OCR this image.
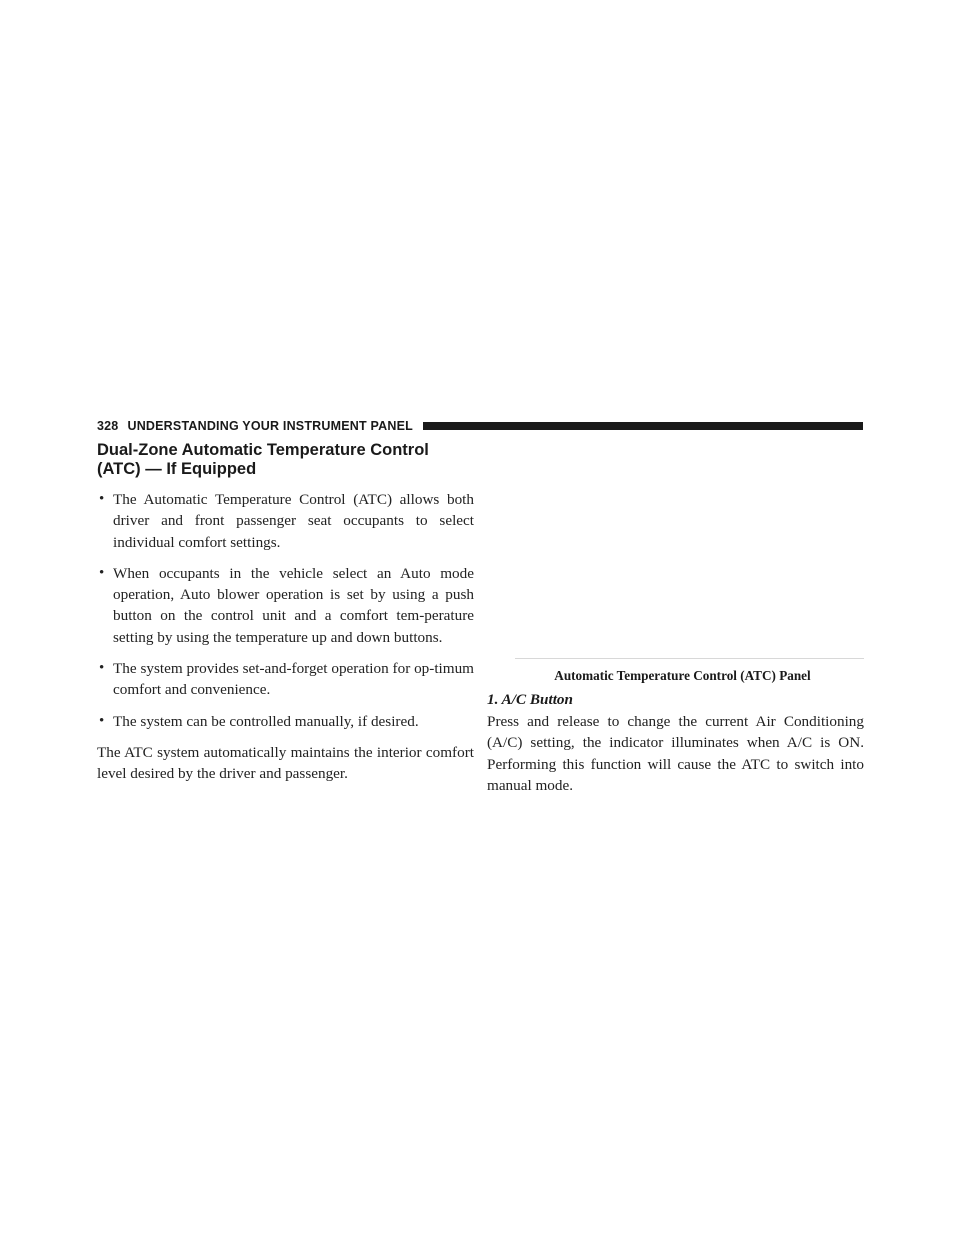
328 UNDERSTANDING YOUR INSTRUMENT PANEL
Dual-Zone Automatic Temperature Control
(ATC) — If Equipped
• The Automatic Temperature Control (ATC) allows both driver and front passenger seat occupants to select individual comfort settings.
• When occupants in the vehicle select an Auto mode operation, Auto blower operation is set by using a push button on the control unit and a comfort tem-perature setting by using the temperature up and down buttons.
• The system provides set-and-forget operation for op-timum comfort and convenience.
• The system can be controlled manually, if desired.

The ATC system automatically maintains the interior comfort level desired by the driver and passenger.

Automatic Temperature Control (ATC) Panel

1. A/C Button

Press and release to change the current Air Conditioning (A/C) setting, the indicator illuminates when A/C is ON. Performing this function will cause the ATC to switch into manual mode.
